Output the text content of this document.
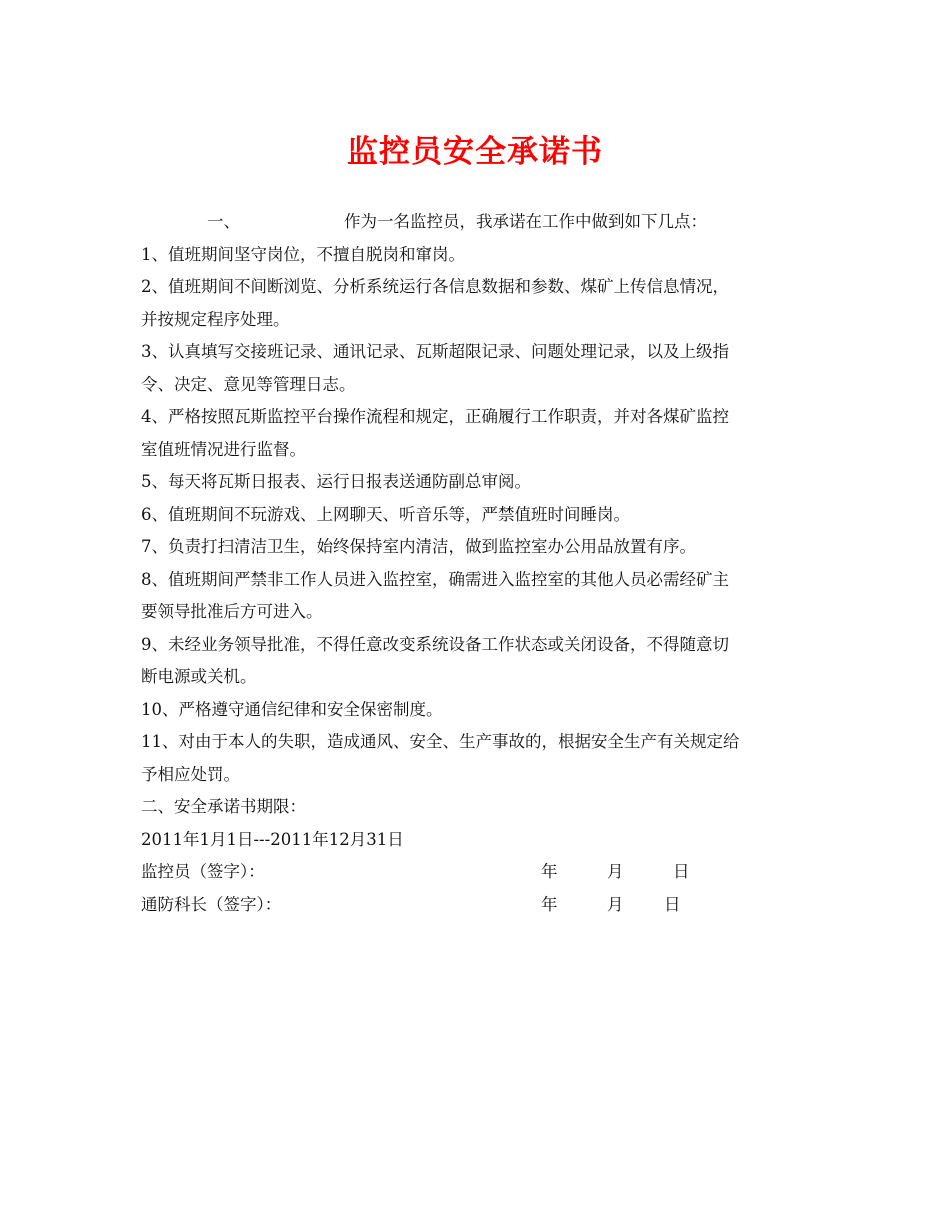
监控员安全承诺书
一、	作为一名监控员，我承诺在工作中做到如下几点：
1、值班期间坚守岗位，不擅自脱岗和窜岗。
2、值班期间不间断浏览、分析系统运行各信息数据和参数、煤矿上传信息情况，
并按规定程序处理。
3、认真填写交接班记录、通讯记录、瓦斯超限记录、问题处理记录，以及上级指
令、决定、意见等管理日志。
4、严格按照瓦斯监控平台操作流程和规定，正确履行工作职责，并对各煤矿监控
室值班情况进行监督。
5、每天将瓦斯日报表、运行日报表送通防副总审阅。
6、值班期间不玩游戏、上网聊天、听音乐等，严禁值班时间睡岗。
7、负责打扫清洁卫生，始终保持室内清洁，做到监控室办公用品放置有序。
8、值班期间严禁非工作人员进入监控室，确需进入监控室的其他人员必需经矿主
要领导批准后方可进入。
9、未经业务领导批准，不得任意改变系统设备工作状态或关闭设备，不得随意切
断电源或关机。
10、严格遵守通信纪律和安全保密制度。
11、对由于本人的失职，造成通风、安全、生产事故的，根据安全生产有关规定给
予相应处罚。
二、安全承诺书期限：
2011年1月1日---2011年12月31日
监控员（签字）：	年	月	日
通防科长（签字）：	年	月 日
